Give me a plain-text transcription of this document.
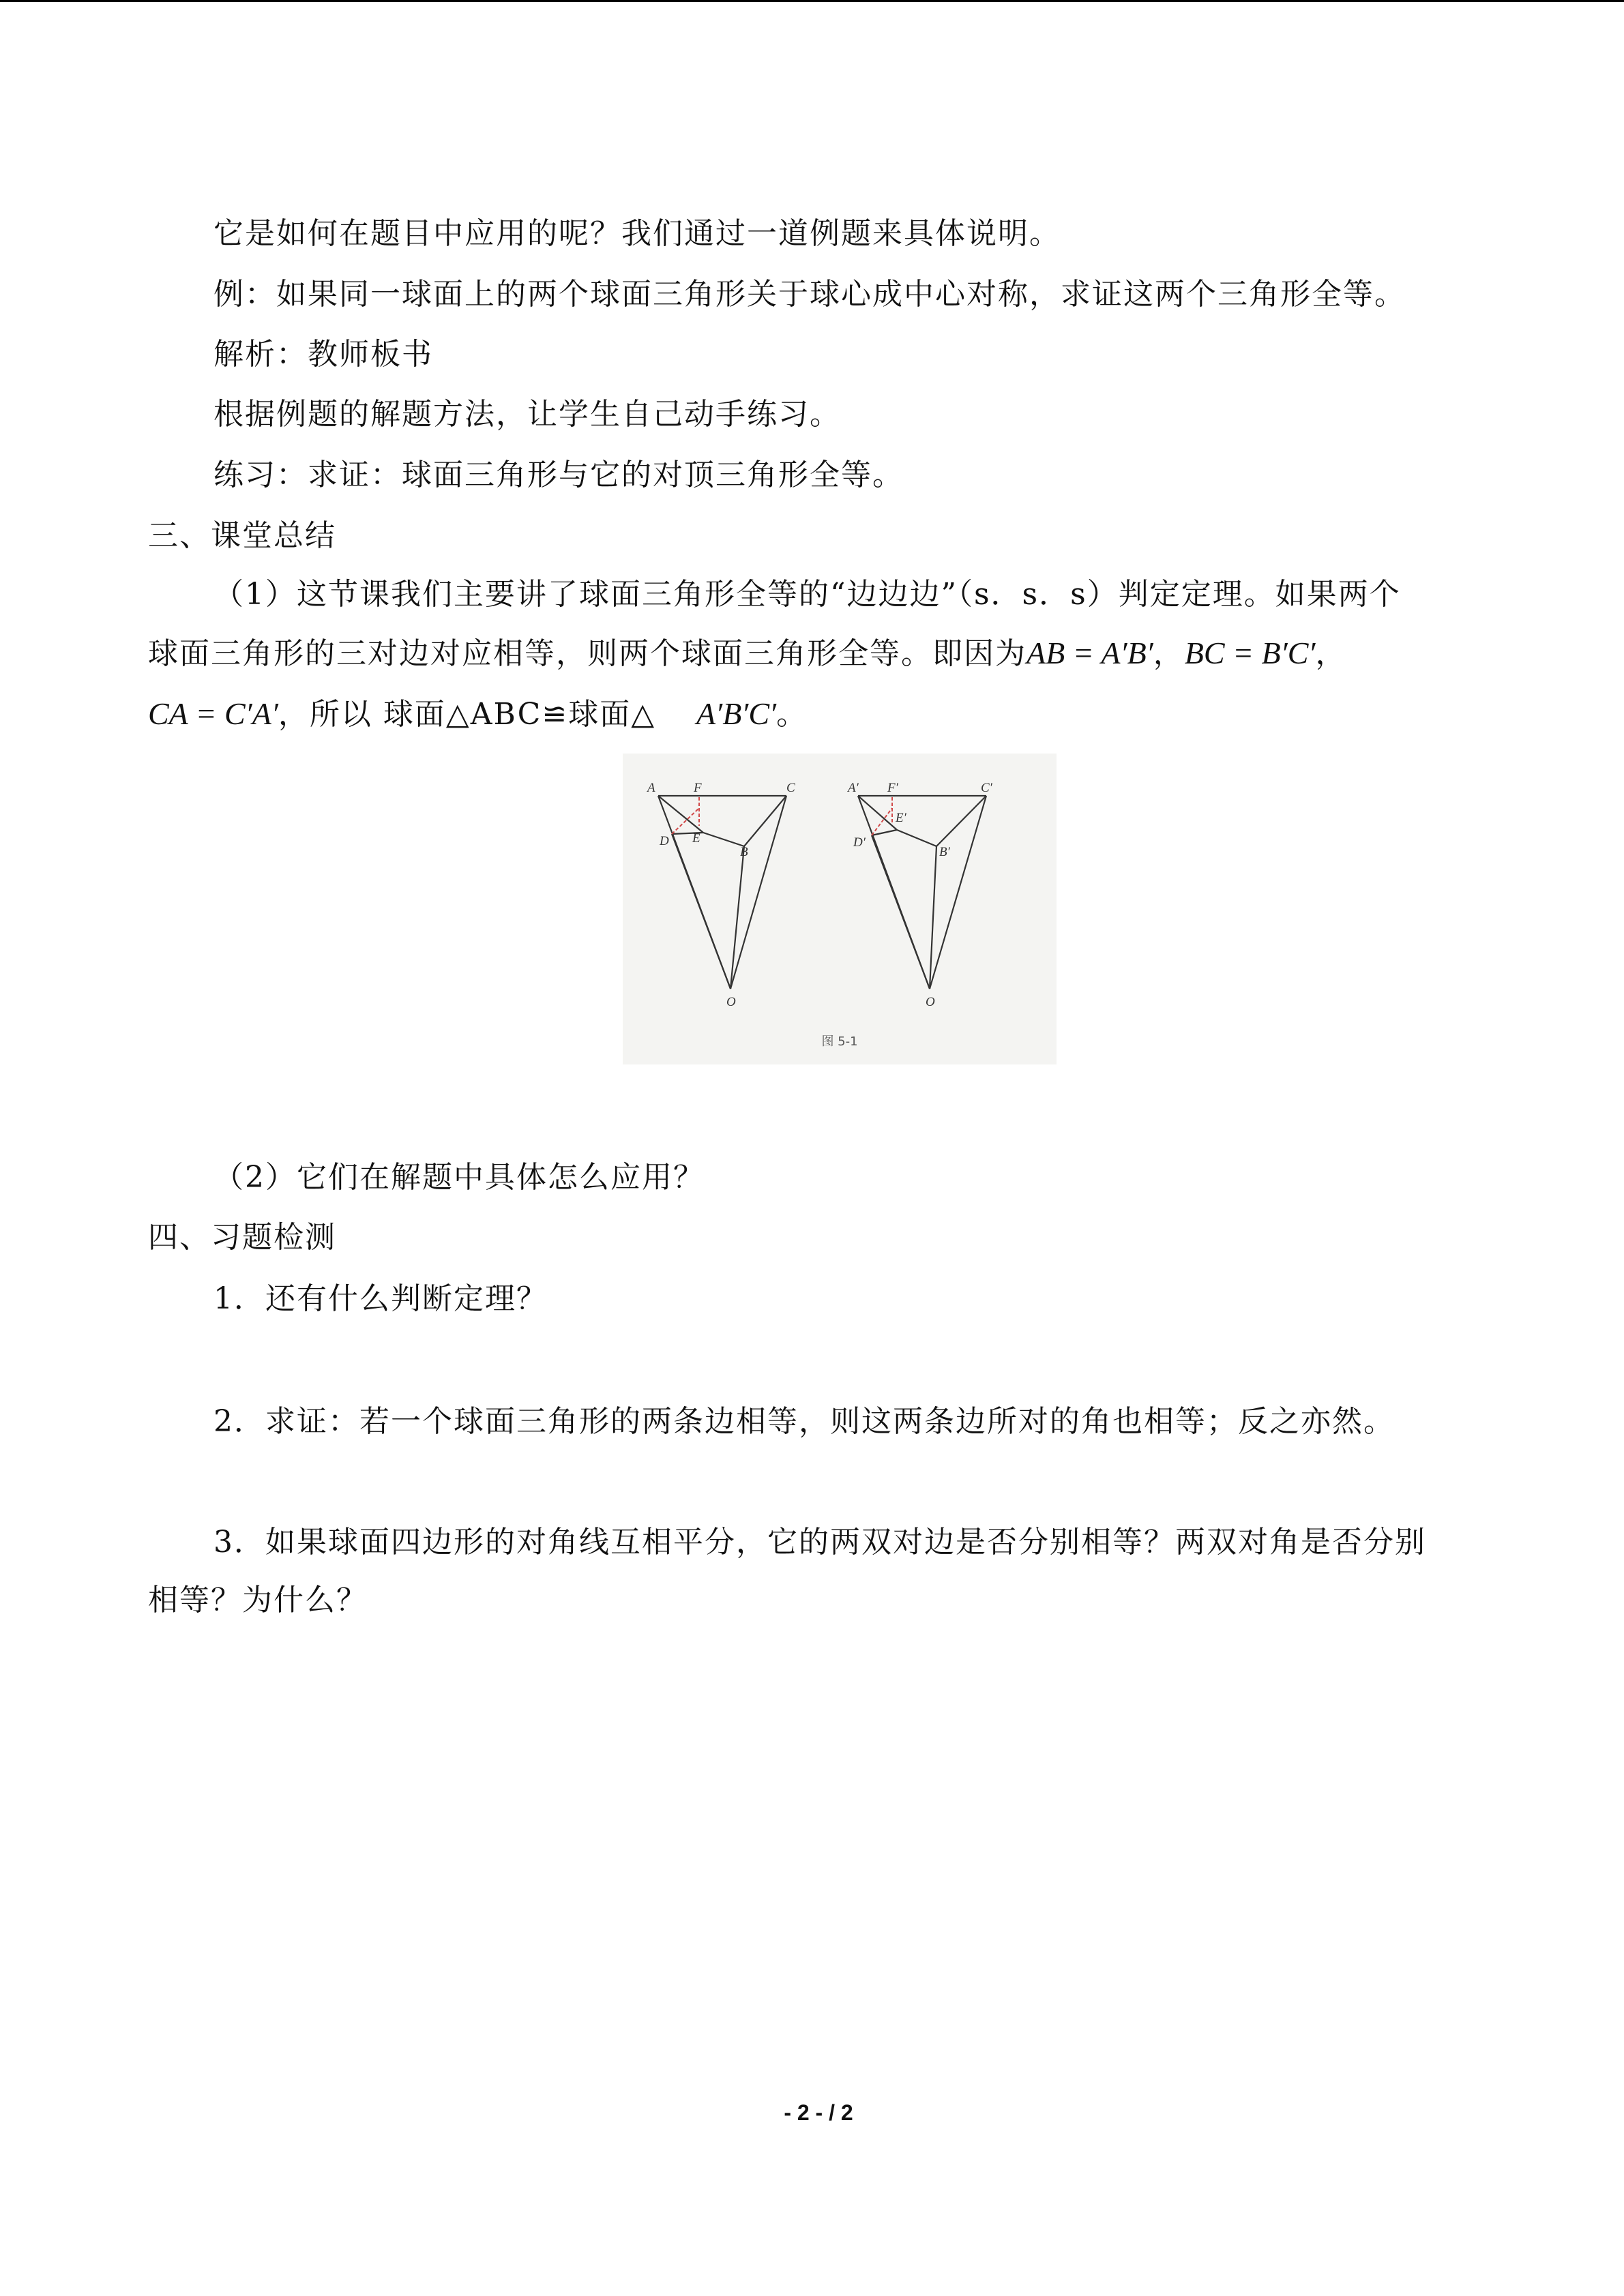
它是如何在题目中应用的呢？我们通过一道例题来具体说明。
例：如果同一球面上的两个球面三角形关于球心成中心对称，求证这两个三角形全等。
解析：教师板书
根据例题的解题方法，让学生自己动手练习。
练习：求证：球面三角形与它的对顶三角形全等。
三、课堂总结
（1）这节课我们主要讲了球面三角形全等的“边边边”（s．s．s）判定定理。如果两个
球面三角形的三对边对应相等，则两个球面三角形全等。即因为AB = A′B′，BC = B′C′，
CA = C′A′，所以 球面△ABC≌球面△ A′B′C′。
A	F	C
E
D
B
O
A′ F′	C′
E′
D′
B′
O
图 5-1
（2）它们在解题中具体怎么应用？
四、习题检测
1．还有什么判断定理？
2．求证：若一个球面三角形的两条边相等，则这两条边所对的角也相等；反之亦然。
3．如果球面四边形的对角线互相平分，它的两双对边是否分别相等？两双对角是否分别
相等？为什么？
- 2 - / 2
